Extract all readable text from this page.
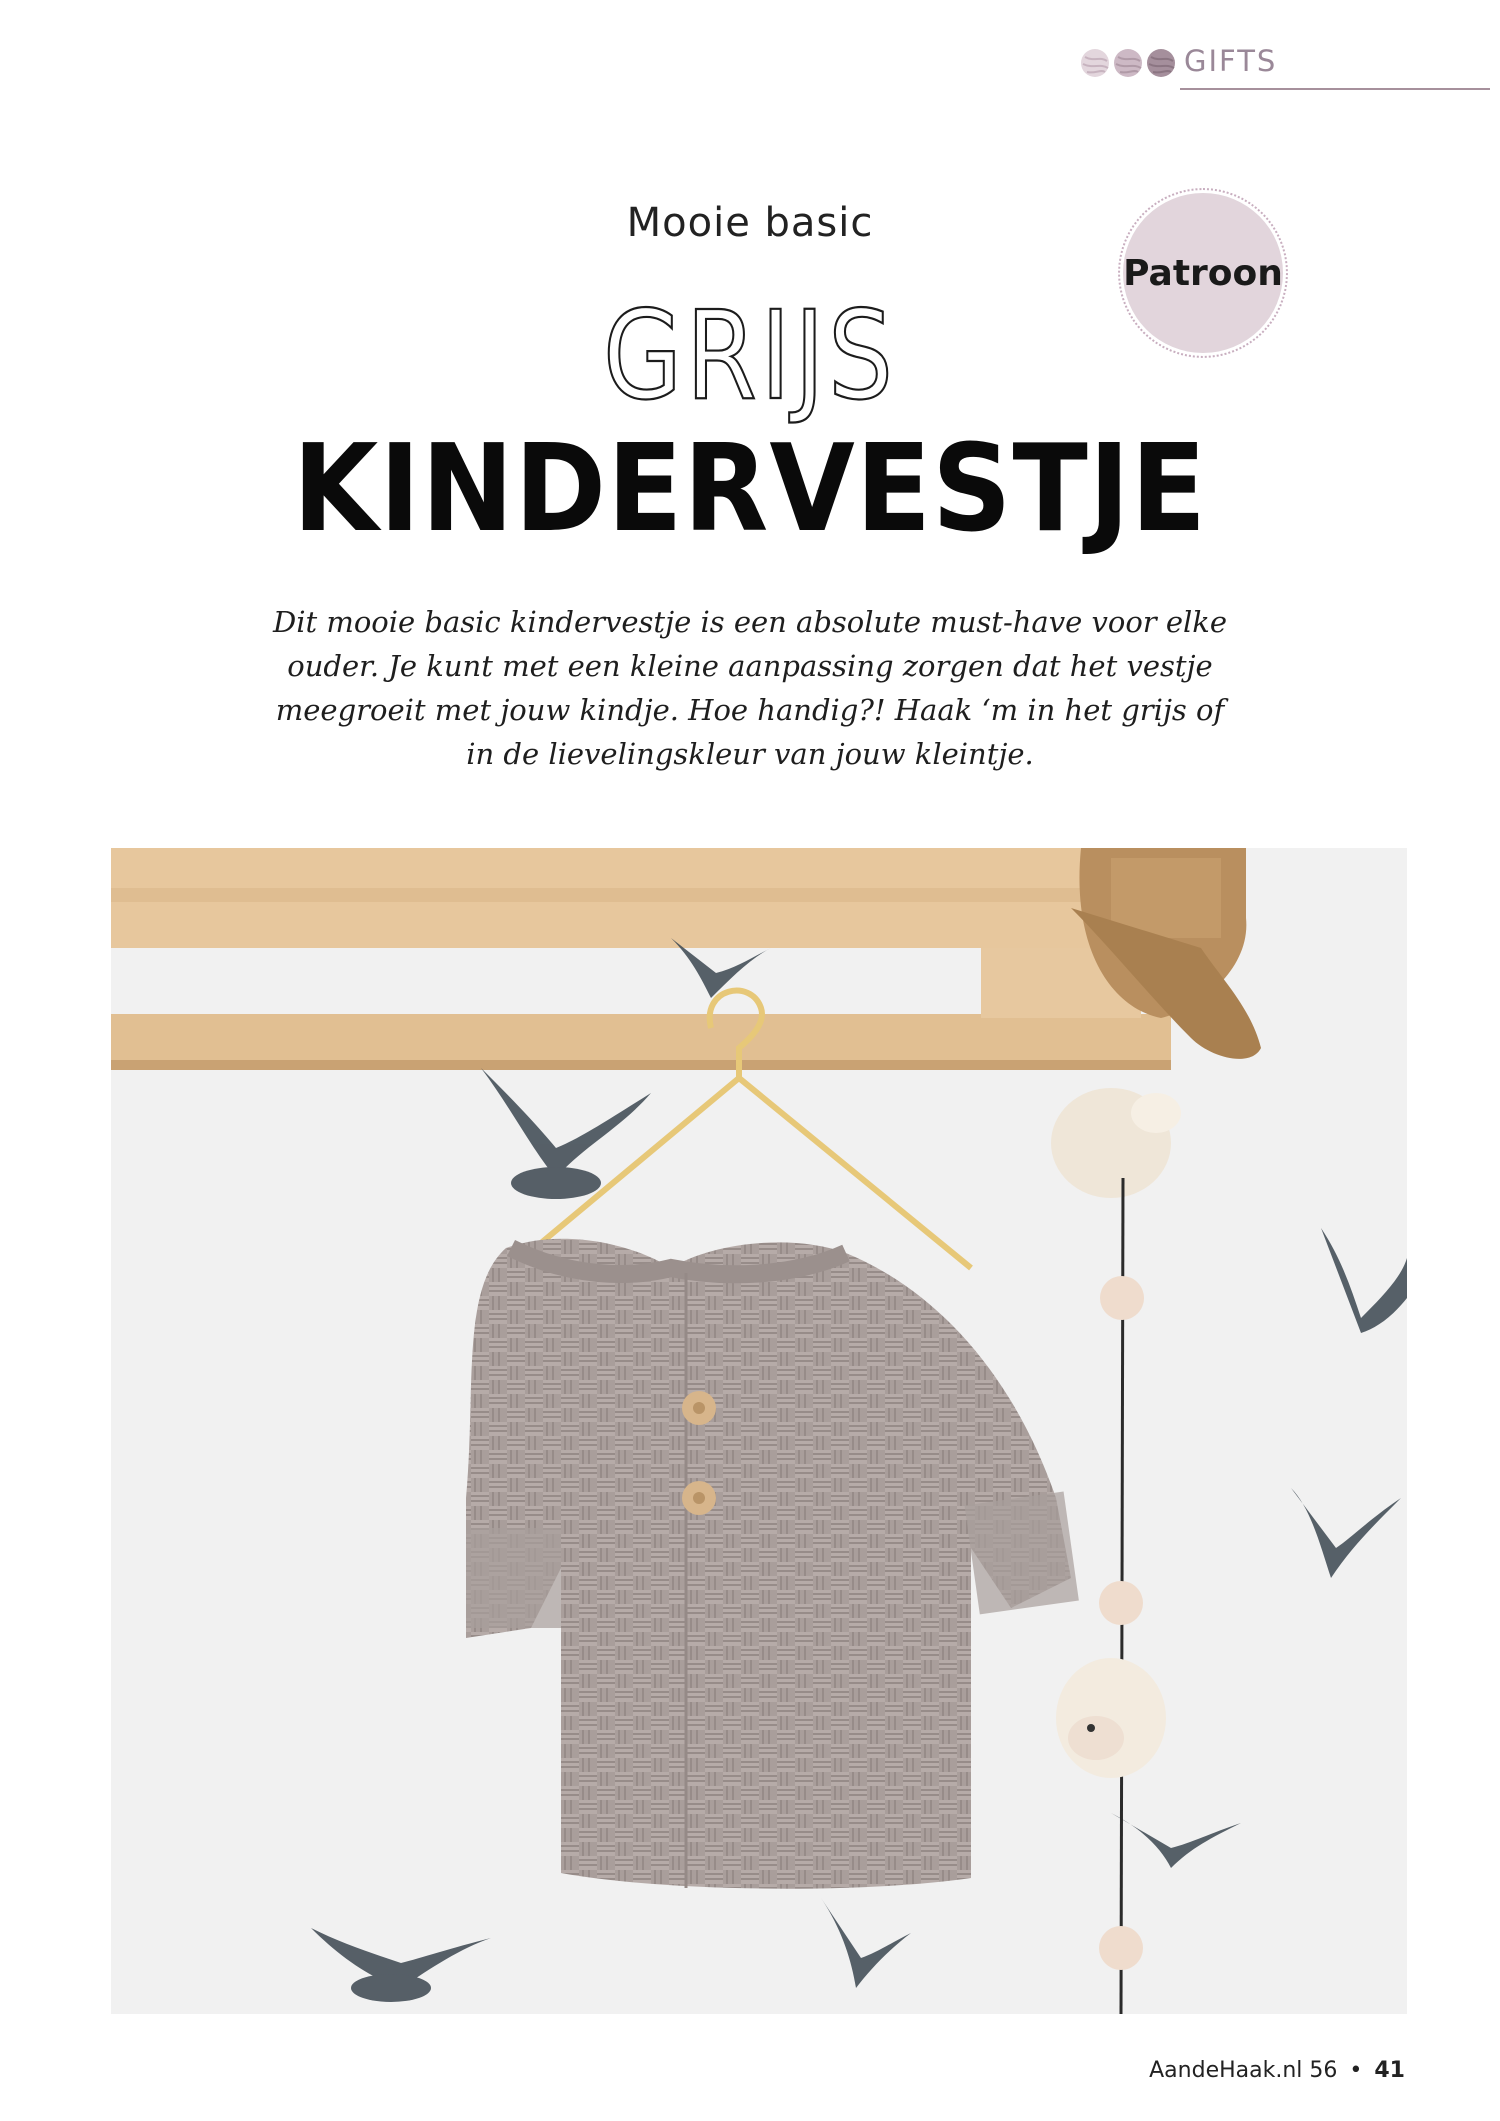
GIFTS
Patroon
Mooie basic
GRIJS
KINDERVESTJE
Dit mooie basic kindervestje is een absolute must-have voor elke ouder. Je kunt met een kleine aanpassing zorgen dat het vestje meegroeit met jouw kindje. Hoe handig?! Haak ‘m in het grijs of in de lievelingskleur van jouw kleintje.
AandeHaak.nl 56 • 41
